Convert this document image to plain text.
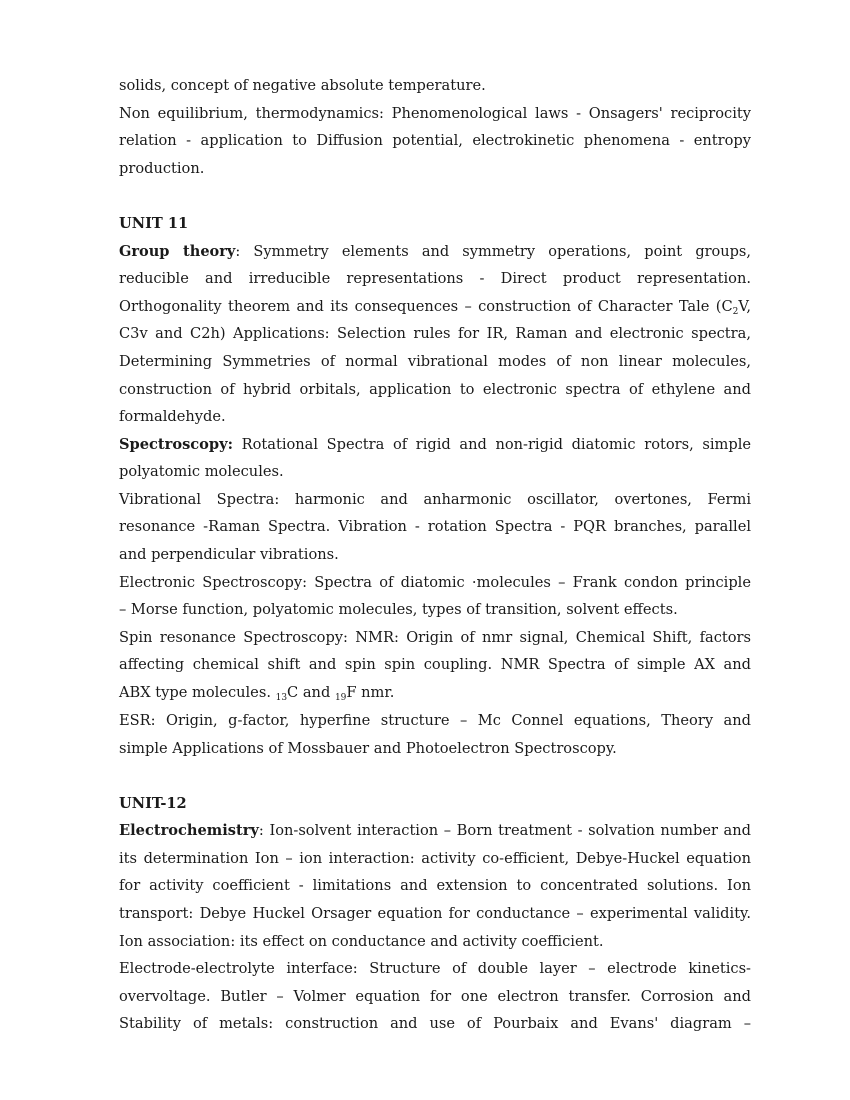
solids, concept of negative absolute temperature.
Non equilibrium, thermodynamics: Phenomenological laws - Onsagers' reciprocity
relation - application to Diffusion potential, electrokinetic phenomena - entropy
production.
UNIT 11
Group theory: Symmetry elements and symmetry operations, point groups,
reducible and irreducible representations - Direct product representation.
Orthogonality theorem and its consequences – construction of Character Tale ($C_2V$,
C3v and C2h) Applications: Selection rules for IR, Raman and electronic spectra,
Determining Symmetries of normal vibrational modes of non linear molecules,
construction of hybrid orbitals, application to electronic spectra of ethylene and
formaldehyde.
Spectroscopy: Rotational Spectra of rigid and non-rigid diatomic rotors, simple
polyatomic molecules.
Vibrational Spectra: harmonic and anharmonic oscillator, overtones, Fermi
resonance -Raman Spectra. Vibration - rotation Spectra - PQR branches, parallel
and perpendicular vibrations.
Electronic Spectroscopy: Spectra of diatomic ·molecules – Frank condon principle
– Morse function, polyatomic molecules, types of transition, solvent effects.
Spin resonance Spectroscopy: NMR: Origin of nmr signal, Chemical Shift, factors
affecting chemical shift and spin spin coupling. NMR Spectra of simple AX and
ABX type molecules. $_{13}$C and $_{19}$F nmr.
ESR: Origin, g-factor, hyperfine structure – Mc Connel equations, Theory and
simple Applications of Mossbauer and Photoelectron Spectroscopy.
UNIT-12
Electrochemistry: Ion-solvent interaction – Born treatment - solvation number and
its determination Ion – ion interaction: activity co-efficient, Debye-Huckel equation
for activity coefficient - limitations and extension to concentrated solutions. Ion
transport: Debye Huckel Orsager equation for conductance – experimental validity.
Ion association: its effect on conductance and activity coefficient.
Electrode-electrolyte interface: Structure of double layer – electrode kinetics-
overvoltage. Butler – Volmer equation for one electron transfer. Corrosion and
Stability of metals: construction and use of Pourbaix and Evans' diagram –
